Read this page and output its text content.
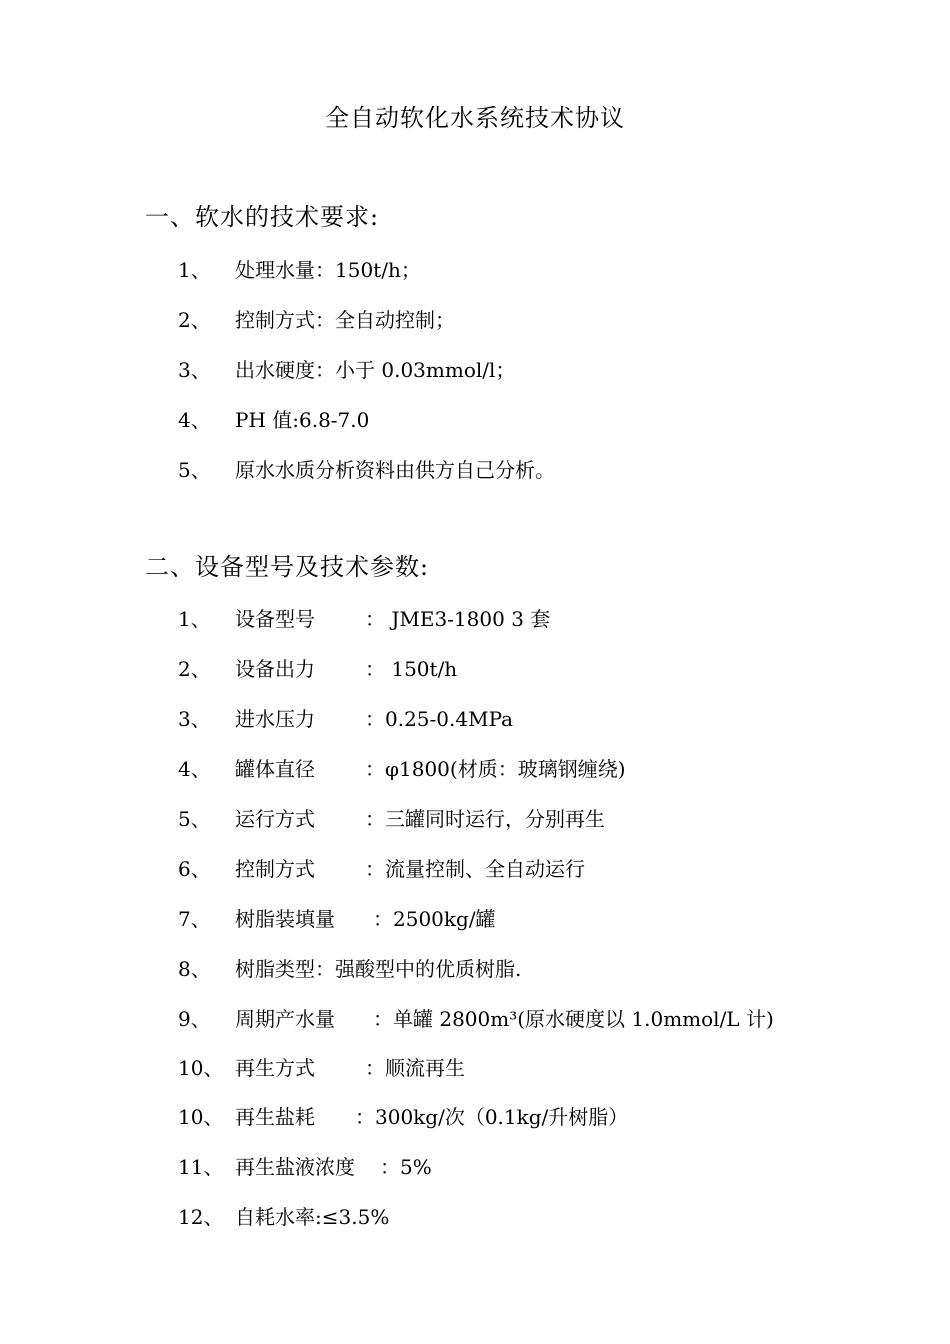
全自动软化水系统技术协议
一、软水的技术要求:
1、 处理水量：150t/h；
2、 控制方式：全自动控制；
3、 出水硬度：小于 0.03mmol/l；
4、 PH 值:6.8-7.0
5、 原水水质分析资料由供方自己分析。
二、设备型号及技术参数:
1、 设备型号	： JME3-1800 3 套
2、 设备出力	： 150t/h
3、 进水压力	：0.25-0.4MPa
4、 罐体直径	：φ1800(材质：玻璃钢缠绕)
5、 运行方式	：三罐同时运行，分别再生
6、 控制方式	：流量控制、全自动运行
7、 树脂装填量 ：2500kg/罐
8、 树脂类型：强酸型中的优质树脂.
9、 周期产水量 ：单罐 2800m³(原水硬度以 1.0mmol/L 计)
10、 再生方式	：顺流再生
10、 再生盐耗 ：300kg/次（0.1kg/升树脂）
11、 再生盐液浓度 ：5%
12、 自耗水率:≤3.5%
